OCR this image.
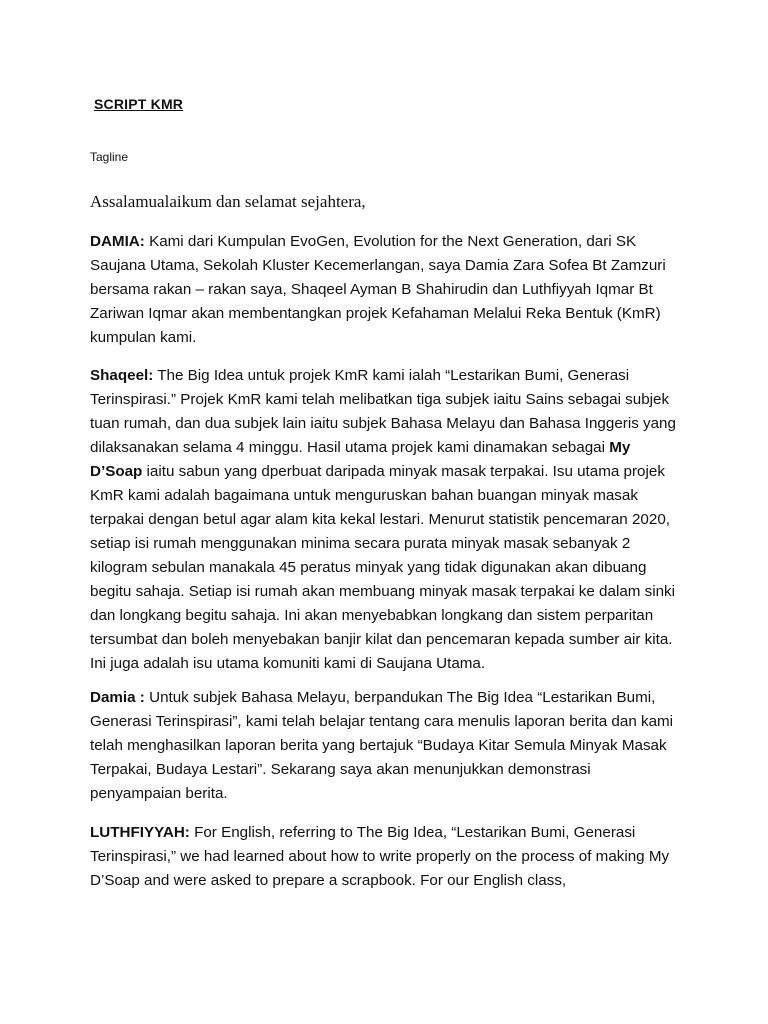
SCRIPT KMR

Tagline

Assalamualaikum dan selamat sejahtera,

DAMIA: Kami dari Kumpulan EvoGen, Evolution for the Next Generation, dari SK Saujana Utama, Sekolah Kluster Kecemerlangan, saya Damia Zara Sofea Bt Zamzuri bersama rakan – rakan saya, Shaqeel Ayman B Shahirudin dan Luthfiyyah Iqmar Bt Zariwan Iqmar akan membentangkan projek Kefahaman Melalui Reka Bentuk (KmR) kumpulan kami.

Shaqeel: The Big Idea untuk projek KmR kami ialah “Lestarikan Bumi, Generasi Terinspirasi.” Projek KmR kami telah melibatkan tiga subjek iaitu Sains sebagai subjek tuan rumah, dan dua subjek lain iaitu subjek Bahasa Melayu dan Bahasa Inggeris yang dilaksanakan selama 4 minggu. Hasil utama projek kami dinamakan sebagai My D’Soap iaitu sabun yang dperbuat daripada minyak masak terpakai. Isu utama projek KmR kami adalah bagaimana untuk menguruskan bahan buangan minyak masak terpakai dengan betul agar alam kita kekal lestari. Menurut statistik pencemaran 2020, setiap isi rumah menggunakan minima secara purata minyak masak sebanyak 2 kilogram sebulan manakala 45 peratus minyak yang tidak digunakan akan dibuang begitu sahaja. Setiap isi rumah akan membuang minyak masak terpakai ke dalam sinki dan longkang begitu sahaja. Ini akan menyebabkan longkang dan sistem perparitan tersumbat dan boleh menyebakan banjir kilat dan pencemaran kepada sumber air kita. Ini juga adalah isu utama komuniti kami di Saujana Utama.

Damia : Untuk subjek Bahasa Melayu, berpandukan The Big Idea “Lestarikan Bumi, Generasi Terinspirasi”, kami telah belajar tentang cara menulis laporan berita dan kami telah menghasilkan laporan berita yang bertajuk “Budaya Kitar Semula Minyak Masak Terpakai, Budaya Lestari”. Sekarang saya akan menunjukkan demonstrasi penyampaian berita.

LUTHFIYYAH: For English, referring to The Big Idea, “Lestarikan Bumi, Generasi Terinspirasi,” we had learned about how to write properly on the process of making My D’Soap and were asked to prepare a scrapbook. For our English class,
